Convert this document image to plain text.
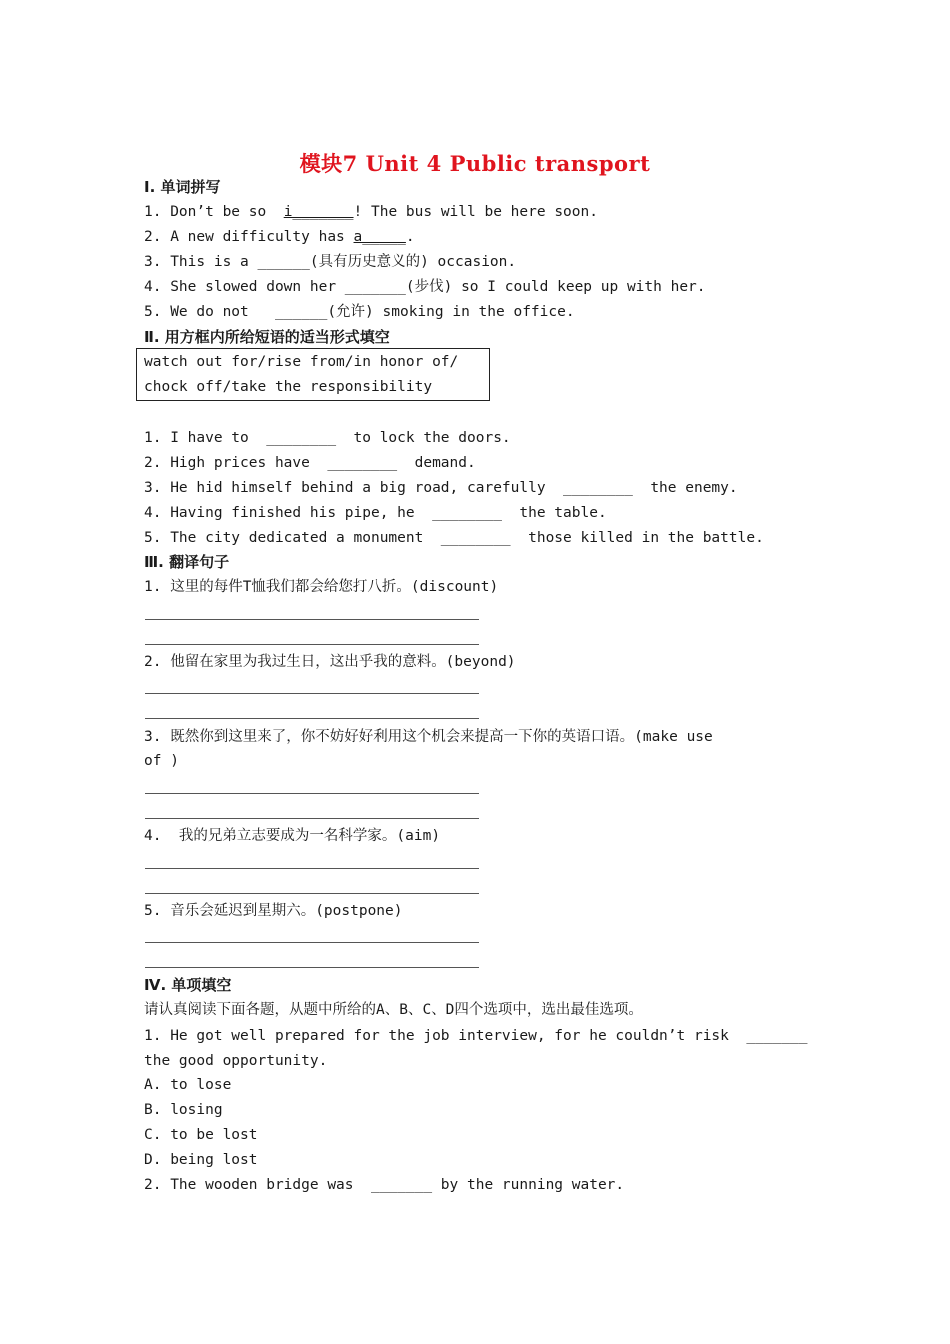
模块7 Unit 4 Public transport
Ⅰ. 单词拼写
1. Don’t be so  i_______! The bus will be here soon.
2. A new difficulty has a_____.
3. This is a ______(具有历史意义的) occasion.
4. She slowed down her _______(步伐) so I could keep up with her.
5. We do not   ______(允许) smoking in the office.
Ⅱ. 用方框内所给短语的适当形式填空
watch out for/rise from/in honor of/
chock off/take the responsibility
1. I have to  ________  to lock the doors.
2. High prices have  ________  demand.
3. He hid himself behind a big road, carefully  ________  the enemy.
4. Having finished his pipe, he  ________  the table.
5. The city dedicated a monument  ________  those killed in the battle.
Ⅲ. 翻译句子
1. 这里的每件T恤我们都会给您打八折。(discount)
2. 他留在家里为我过生日，这出乎我的意料。(beyond)
3. 既然你到这里来了，你不妨好好利用这个机会来提高一下你的英语口语。(make use
of )
4.  我的兄弟立志要成为一名科学家。(aim)
5. 音乐会延迟到星期六。(postpone)
Ⅳ. 单项填空
请认真阅读下面各题，从题中所给的A、B、C、D四个选项中，选出最佳选项。
1. He got well prepared for the job interview, for he couldn’t risk  _______
the good opportunity.
A. to lose
B. losing
C. to be lost
D. being lost
2. The wooden bridge was  _______ by the running water.
